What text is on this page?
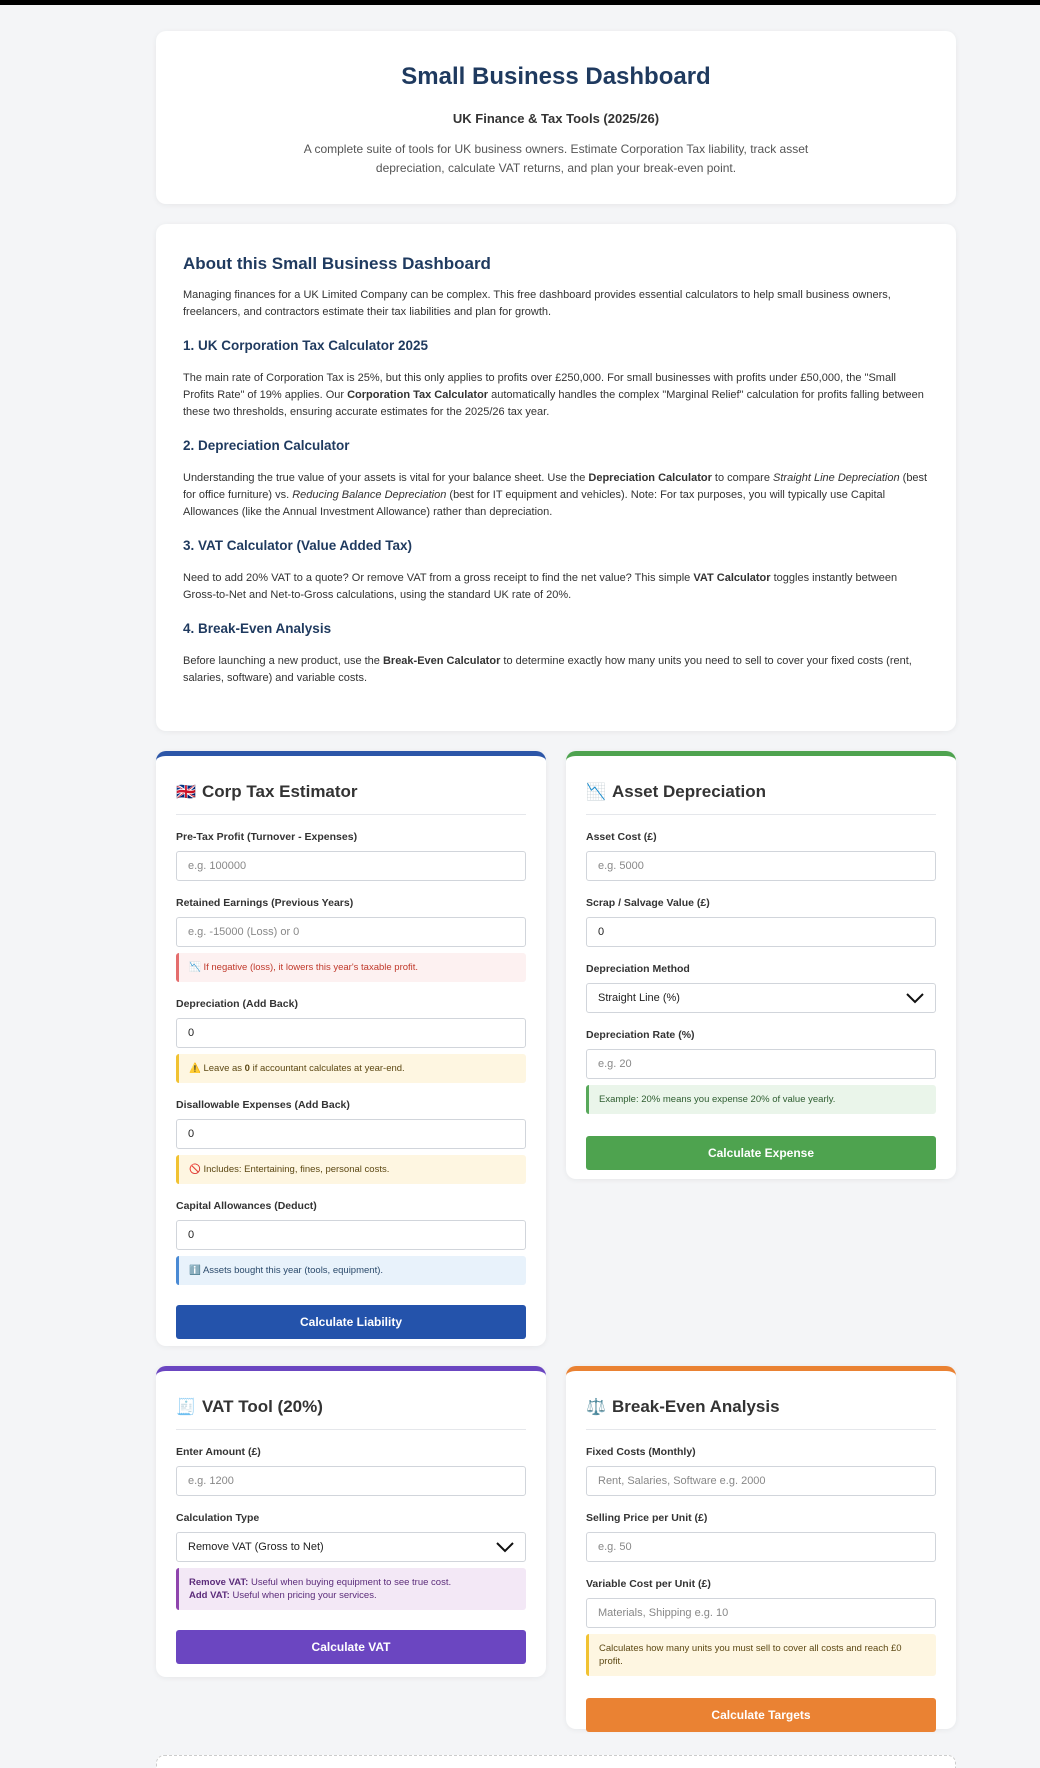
Small Business Dashboard
UK Finance & Tax Tools (2025/26)
A complete suite of tools for UK business owners. Estimate Corporation Tax liability, track asset depreciation, calculate VAT returns, and plan your break-even point.
About this Small Business Dashboard

Managing finances for a UK Limited Company can be complex. This free dashboard provides essential calculators to help small business owners, freelancers, and contractors estimate their tax liabilities and plan for growth.

1. UK Corporation Tax Calculator 2025

The main rate of Corporation Tax is 25%, but this only applies to profits over £250,000. For small businesses with profits under £50,000, the "Small Profits Rate" of 19% applies. Our Corporation Tax Calculator automatically handles the complex "Marginal Relief" calculation for profits falling between these two thresholds, ensuring accurate estimates for the 2025/26 tax year.

2. Depreciation Calculator

Understanding the true value of your assets is vital for your balance sheet. Use the Depreciation Calculator to compare Straight Line Depreciation (best for office furniture) vs. Reducing Balance Depreciation (best for IT equipment and vehicles). Note: For tax purposes, you will typically use Capital Allowances (like the Annual Investment Allowance) rather than depreciation.

3. VAT Calculator (Value Added Tax)

Need to add 20% VAT to a quote? Or remove VAT from a gross receipt to find the net value? This simple VAT Calculator toggles instantly between Gross-to-Net and Net-to-Gross calculations, using the standard UK rate of 20%.

4. Break-Even Analysis

Before launching a new product, use the Break-Even Calculator to determine exactly how many units you need to sell to cover your fixed costs (rent, salaries, software) and variable costs.

🇬🇧 Corp Tax Estimator
Pre-Tax Profit (Turnover - Expenses)
e.g. 100000
Retained Earnings (Previous Years)
e.g. -15000 (Loss) or 0
📉 If negative (loss), it lowers this year's taxable profit.
Depreciation (Add Back)
0
⚠️ Leave as 0 if accountant calculates at year-end.
Disallowable Expenses (Add Back)
0
🚫 Includes: Entertaining, fines, personal costs.
Capital Allowances (Deduct)
0
ℹ️ Assets bought this year (tools, equipment).
Calculate Liability
📉 Asset Depreciation
Asset Cost (£)
e.g. 5000
Scrap / Salvage Value (£)
0
Depreciation Method
Straight Line (%)
Depreciation Rate (%)
e.g. 20
Example: 20% means you expense 20% of value yearly.
Calculate Expense
🧾 VAT Tool (20%)
Enter Amount (£)
e.g. 1200
Calculation Type
Remove VAT (Gross to Net)
Remove VAT: Useful when buying equipment to see true cost.
Add VAT: Useful when pricing your services.
Calculate VAT
⚖️ Break-Even Analysis
Fixed Costs (Monthly)
Rent, Salaries, Software e.g. 2000
Selling Price per Unit (£)
e.g. 50
Variable Cost per Unit (£)
Materials, Shipping e.g. 10
Calculates how many units you must sell to cover all costs and reach £0 profit.
Calculate Targets
